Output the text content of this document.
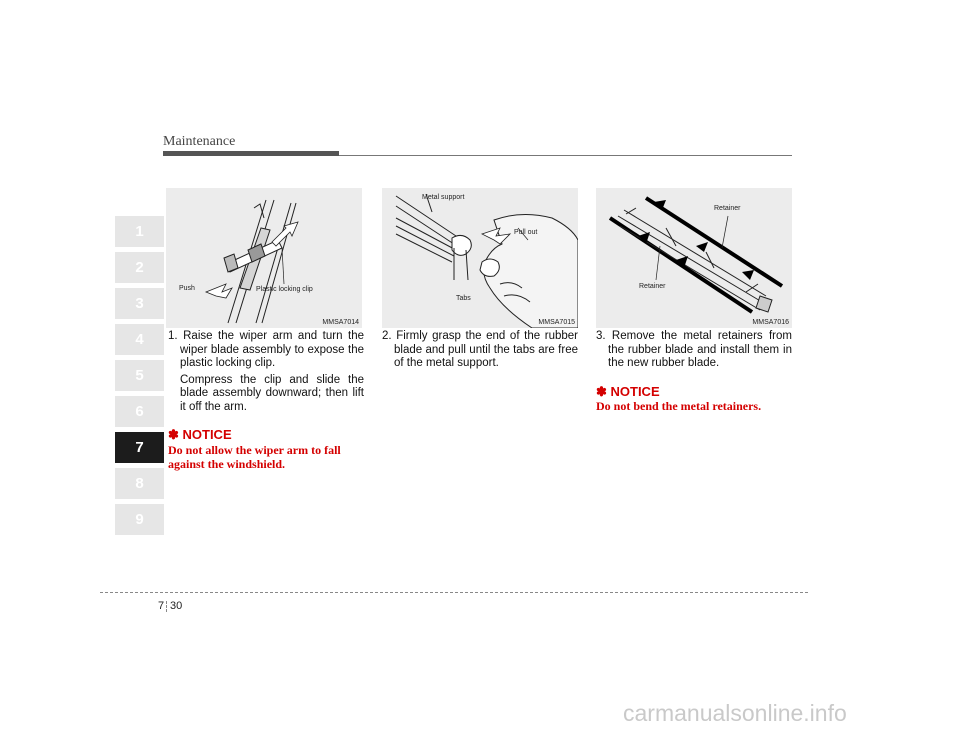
Maintenance
1
2
3
4
5
6
7
8
9
Push	Plastic locking clip
MMSA7014
Metal support
Pull out
Tabs
MMSA7015
Retainer
Retainer
MMSA7016

1. Raise the wiper arm and turn the wiper blade assembly to expose the plastic locking clip.

Compress the clip and slide the blade assembly downward; then lift it off the arm.

✽ NOTICE

Do not allow the wiper arm to fall against the windshield.

2. Firmly grasp the end of the rubber blade and pull until the tabs are free of the metal support.

3. Remove the metal retainers from the rubber blade and install them in the new rubber blade.

✽ NOTICE

Do not bend the metal retainers.

7 30
carmanualsonline.info
